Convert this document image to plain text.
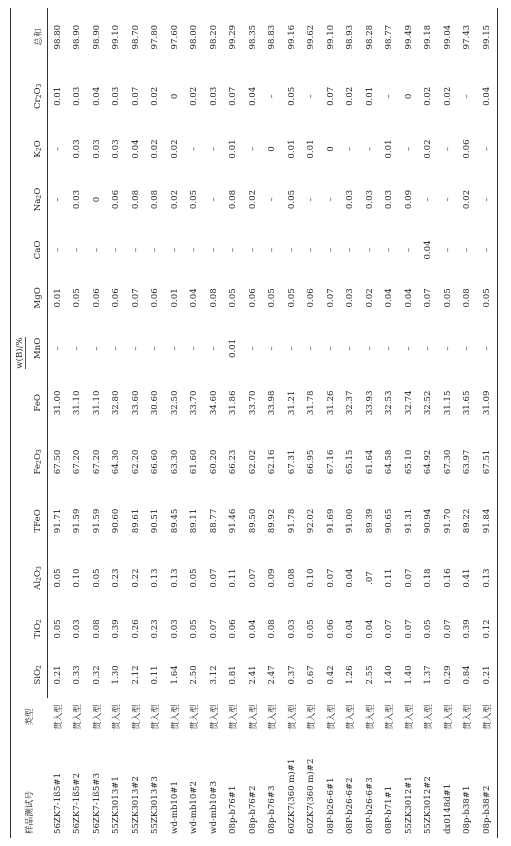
样品测试号	类型	w(B)/%												
		SiO$_2$	TiO$_2$	$Al_2O_3$	TFeO	$Fe_2O_3$	FeO	MnO	MgO	CaO	$Na_2O$	$K_2O$	$Cr_2O_3$	总和
56ZK7-1ß5#1	贯入型	0.21	0.05	0.05	91.71	67.50	31.00	–	0.01	–	–	–	0.01	98.80
56ZK7-1ß5#2	贯入型	0.33	0.03	0.10	91.59	67.20	31.10	–	0.05	–	0.03	0.03	0.03	98.90
56ZK7-1ß5#3	贯入型	0.32	0.08	0.05	91.59	67.20	31.10	–	0.06	–	0	0.03	0.04	98.90
55ZK3013#1	贯入型	1.30	0.39	0.23	90.60	64.30	32.80	–	0.06	–	0.06	0.03	0.03	99.10
55ZK3013#2	贯入型	2.12	0.26	0.22	89.61	62.20	33.60	–	0.07	–	0.08	0.04	0.07	98.70
55ZK3013#3	贯入型	0.11	0.23	0.13	90.51	66.60	30.60	–	0.06	–	0.08	0.02	0.02	97.80
wd-mb10#1	贯入型	1.64	0.03	0.13	89.45	63.30	32.50	–	0.01	–	0.02	0.02	0	97.60
wd-mb10#2	贯入型	2.50	0.05	0.05	89.11	61.60	33.70	–	0.04	–	0.05	–	0.02	98.00
wd-mb10#3	贯入型	3.12	0.07	0.07	88.77	60.20	34.60	–	0.08	–	–	–	0.03	98.20
08p-b76#1	贯入型	0.81	0.06	0.11	91.46	66.23	31.86	0.01	0.05	–	0.08	0.01	0.07	99.29
08p-b76#2	贯入型	2.41	0.04	0.07	89.50	62.02	33.70	–	0.06	–	0.02	–	0.04	98.35
08p-b76#3	贯入型	2.47	0.08	0.09	89.92	62.16	33.98	–	0.05	–	–	0	–	98.83
60ZK7(360 m)#1	贯入型	0.37	0.03	0.08	91.78	67.31	31.21	–	0.05	–	0.05	0.01	0.05	99.16
60ZK7(360 m)#2	贯入型	0.67	0.05	0.10	92.02	66.95	31.78	–	0.06	–	–	0.01	–	99.62
08P-b26-6#1	贯入型	0.42	0.06	0.07	91.69	67.16	31.26	–	0.07	–	–	0	0.07	99.10
08P-b26-6#2	贯入型	1.26	0.04	0.04	91.00	65.15	32.37	–	0.03	–	0.03	–	0.02	98.93
08P-b26-6#3	贯入型	2.55	0.04	.07	89.39	61.64	33.93	–	0.02	–	0.03	–	0.01	98.28
08P-b71#1	贯入型	1.40	0.07	0.11	90.65	64.58	32.53	–	0.04	–	0.03	0.01	–	98.77
55ZK3012#1	贯入型	1.40	0.07	0.07	91.31	65.10	32.74	–	0.04	–	0.09	–	0	99.49
55ZK3012#2	贯入型	1.37	0.05	0.18	90.94	64.92	32.52	–	0.07	0.04	–	0.02	0.02	99.18
dx0148d#1	贯入型	0.29	0.07	0.16	91.70	67.30	31.15	–	0.05	–	–	–	0.02	99.04
08p-b38#1	贯入型	0.84	0.39	0.41	89.22	63.97	31.65	–	0.08	–	0.02	0.06	–	97.43
08p-b38#2	贯入型	0.21	0.12	0.13	91.84	67.51	31.09	–	0.05	–	–	–	0.04	99.15
